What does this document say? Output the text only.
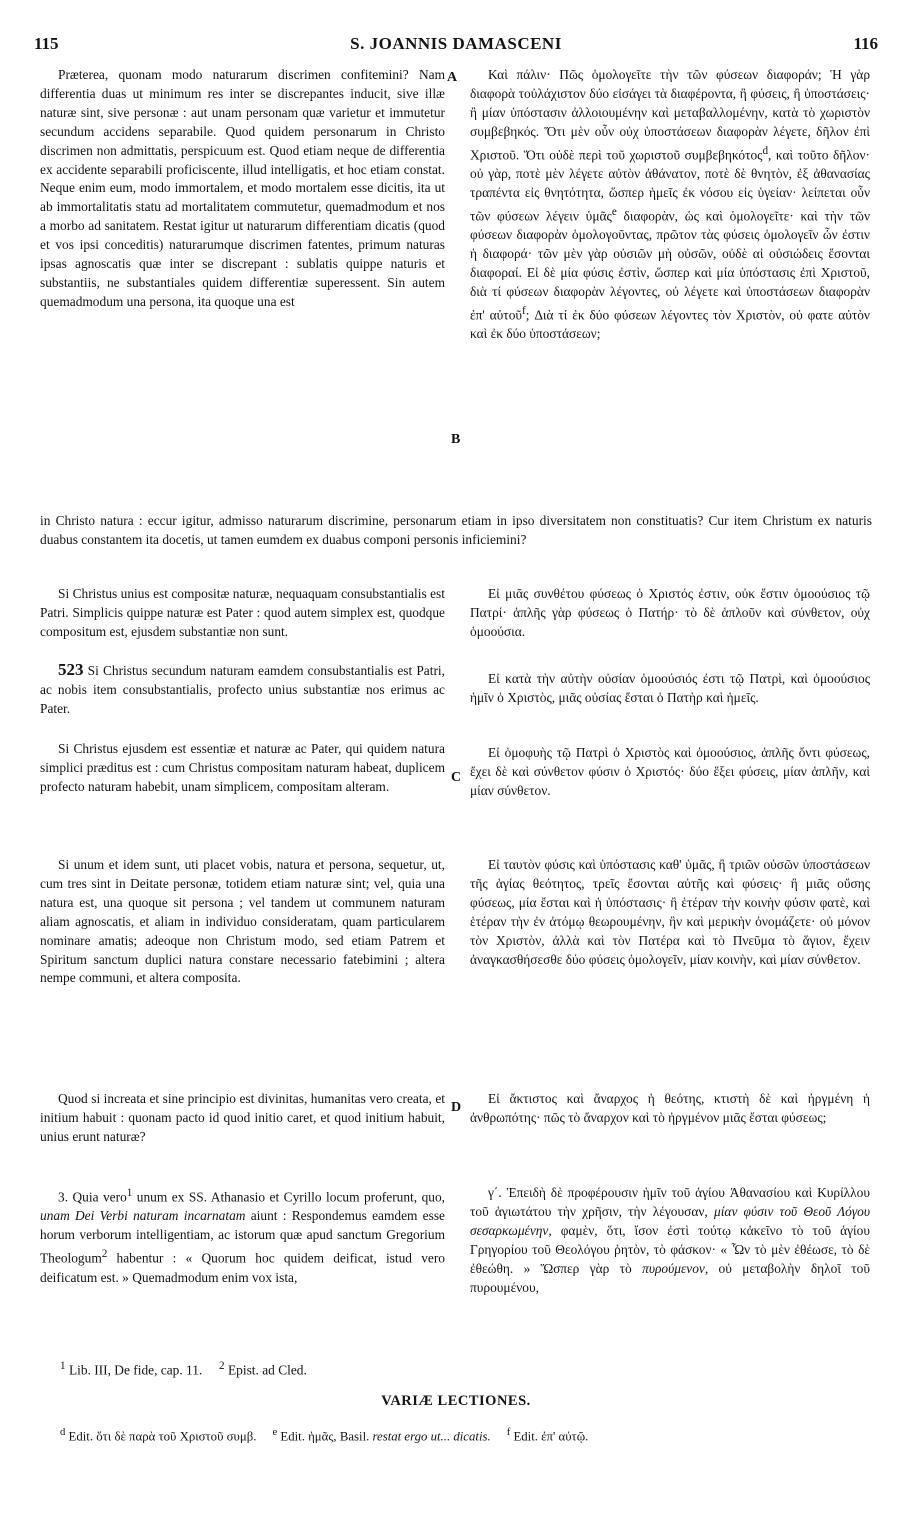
115	S. JOANNIS DAMASCENI	116
A
B
C
D

Præterea, quonam modo naturarum discrimen confitemini? Nam differentia duas ut minimum res inter se discrepantes inducit, sive illæ naturæ sint, sive personæ : aut unam personam quæ varietur et immutetur secundum accidens separabile. Quod quidem personarum in Christo discrimen non admittatis, perspicuum est. Quod etiam neque de differentia ex accidente separabili proficiscente, illud intelligatis, et hoc etiam constat. Neque enim eum, modo immortalem, et modo mortalem esse dicitis, ita ut ab immortalitatis statu ad mortalitatem commutetur, quemadmodum et nos a morbo ad sanitatem. Restat igitur ut naturarum differentiam dicatis (quod et vos ipsi conceditis) naturarumque discrimen fatentes, primum naturas ipsas agnoscatis quæ inter se discrepant : sublatis quippe naturis et substantiis, ne substantiales quidem differentiæ superessent. Sin autem quemadmodum una persona, ita quoque una est

in Christo natura : eccur igitur, admisso naturarum discrimine, personarum etiam in ipso diversitatem non constituatis? Cur item Christum ex naturis duabus constantem ita docetis, ut tamen eumdem ex duabus componi personis inficiemini?

Si Christus unius est compositæ naturæ, nequaquam consubstantialis est Patri. Simplicis quippe naturæ est Pater : quod autem simplex est, quodque compositum est, ejusdem substantiæ non sunt.

523 Si Christus secundum naturam eamdem consubstantialis est Patri, ac nobis item consubstantialis, profecto unius substantiæ nos erimus ac Pater.

Si Christus ejusdem est essentiæ et naturæ ac Pater, qui quidem natura simplici præditus est : cum Christus compositam naturam habeat, duplicem profecto naturam habebit, unam simplicem, compositam alteram.

Si unum et idem sunt, uti placet vobis, natura et persona, sequetur, ut, cum tres sint in Deitate personæ, totidem etiam naturæ sint; vel, quia una natura est, una quoque sit persona ; vel tandem ut communem naturam aliam agnoscatis, et aliam in individuo consideratam, quam particularem nominare amatis; adeoque non Christum modo, sed etiam Patrem et Spiritum sanctum duplici natura constare necessario fatebimini ; altera nempe communi, et altera composita.

Quod si increata et sine principio est divinitas, humanitas vero creata, et initium habuit : quonam pacto id quod initio caret, et quod initium habuit, unius erunt naturæ?

3. Quia vero$^1$ unum ex SS. Athanasio et Cyrillo locum proferunt, quo, unam Dei Verbi naturam incarnatam aiunt : Respondemus eamdem esse horum verborum intelligentiam, ac istorum quæ apud sanctum Gregorium Theologum$^2$ habentur : « Quorum hoc quidem deificat, istud vero deificatum est. » Quemadmodum enim vox ista,

Καὶ πάλιν· Πῶς ὁμολογεῖτε τὴν τῶν φύσεων διαφοράν; Ἡ γὰρ διαφορὰ τοὐλάχιστον δύο εἰσάγει τὰ διαφέροντα, ἢ φύσεις, ἢ ὑποστάσεις· ἢ μίαν ὑπόστασιν ἀλλοιουμένην καὶ μεταβαλλομένην, κατὰ τὸ χωριστὸν συμβεβηκός. Ὅτι μὲν οὖν οὐχ ὑποστάσεων διαφορὰν λέγετε, δῆλον ἐπὶ Χριστοῦ. Ὅτι οὐδὲ περὶ τοῦ χωριστοῦ συμβεβηκότος$^d$, καὶ τοῦτο δῆλον· οὐ γὰρ, ποτὲ μὲν λέγετε αὐτὸν ἀθάνατον, ποτὲ δὲ θνητὸν, ἐξ ἀθανασίας τραπέντα εἰς θνητότητα, ὥσπερ ἡμεῖς ἐκ νόσου εἰς ὑγείαν· λείπεται οὖν τῶν φύσεων λέγειν ὑμᾶς$^e$ διαφορὰν, ὡς καὶ ὁμολογεῖτε· καὶ τὴν τῶν φύσεων διαφορὰν ὁμολογοῦντας, πρῶτον τὰς φύσεις ὁμολογεῖν ὧν ἐστιν ἡ διαφορά· τῶν μὲν γὰρ οὐσιῶν μὴ οὐσῶν, οὐδὲ αἱ οὐσιώδεις ἔσονται διαφοραί. Εἰ δὲ μία φύσις ἐστὶν, ὥσπερ καὶ μία ὑπόστασις ἐπὶ Χριστοῦ, διὰ τί φύσεων διαφορὰν λέγοντες, οὐ λέγετε καὶ ὑποστάσεων διαφορὰν ἐπ' αὐτοῦ$^f$; Διὰ τί ἐκ δύο φύσεων λέγοντες τὸν Χριστὸν, οὐ φατε αὐτὸν καὶ ἐκ δύο ὑποστάσεων;

Εἰ μιᾶς συνθέτου φύσεως ὁ Χριστός ἐστιν, οὐκ ἔστιν ὁμοούσιος τῷ Πατρί· ἁπλῆς γὰρ φύσεως ὁ Πατήρ· τὸ δὲ ἁπλοῦν καὶ σύνθετον, οὐχ ὁμοούσια.

Εἰ κατὰ τὴν αὐτὴν οὐσίαν ὁμοούσιός ἐστι τῷ Πατρὶ, καὶ ὁμοούσιος ἡμῖν ὁ Χριστὸς, μιᾶς οὐσίας ἔσται ὁ Πατὴρ καὶ ἡμεῖς.

Εἰ ὁμοφυὴς τῷ Πατρὶ ὁ Χριστὸς καὶ ὁμοούσιος, ἁπλῆς ὄντι φύσεως, ἔχει δὲ καὶ σύνθετον φύσιν ὁ Χριστός· δύο ἕξει φύσεις, μίαν ἁπλῆν, καὶ μίαν σύνθετον.

Εἰ ταυτὸν φύσις καὶ ὑπόστασις καθ' ὑμᾶς, ἢ τριῶν οὐσῶν ὑποστάσεων τῆς ἁγίας θεότητος, τρεῖς ἔσονται αὐτῆς καὶ φύσεις· ἢ μιᾶς οὔσης φύσεως, μία ἔσται καὶ ἡ ὑπόστασις· ἢ ἑτέραν τὴν κοινὴν φύσιν φατὲ, καὶ ἑτέραν τὴν ἐν ἀτόμῳ θεωρουμένην, ἣν καὶ μερικὴν ὀνομάζετε· οὐ μόνον τὸν Χριστὸν, ἀλλὰ καὶ τὸν Πατέρα καὶ τὸ Πνεῦμα τὸ ἅγιον, ἔχειν ἀναγκασθήσεσθε δύο φύσεις ὁμολογεῖν, μίαν κοινὴν, καὶ μίαν σύνθετον.

Εἰ ἄκτιστος καὶ ἄναρχος ἡ θεότης, κτιστὴ δὲ καὶ ἠργμένη ἡ ἀνθρωπότης· πῶς τὸ ἄναρχον καὶ τὸ ἠργμένον μιᾶς ἔσται φύσεως;

γ΄. Ἐπειδὴ δὲ προφέρουσιν ἡμῖν τοῦ ἁγίου Ἀθανασίου καὶ Κυρίλλου τοῦ ἁγιωτάτου τὴν χρῆσιν, τὴν λέγουσαν, μίαν φύσιν τοῦ Θεοῦ Λόγου σεσαρκωμένην, φαμὲν, ὅτι, ἴσον ἐστὶ τούτῳ κἀκεῖνο τὸ τοῦ ἁγίου Γρηγορίου τοῦ Θεολόγου ῥητὸν, τὸ φάσκον· « Ὧν τὸ μὲν ἐθέωσε, τὸ δὲ ἐθεώθη. » Ὥσπερ γὰρ τὸ πυρούμενον, οὐ μεταβολὴν δηλοῖ τοῦ πυρουμένου,

$^1$ Lib. III, De fide, cap. 11. $^2$ Epist. ad Cled.
VARIÆ LECTIONES.
$^d$ Edit. ὅτι δὲ παρὰ τοῦ Χριστοῦ συμβ. $^e$ Edit. ἡμᾶς, Basil. restat ergo ut... dicatis. $^f$ Edit. ἐπ' αὐτῷ.
